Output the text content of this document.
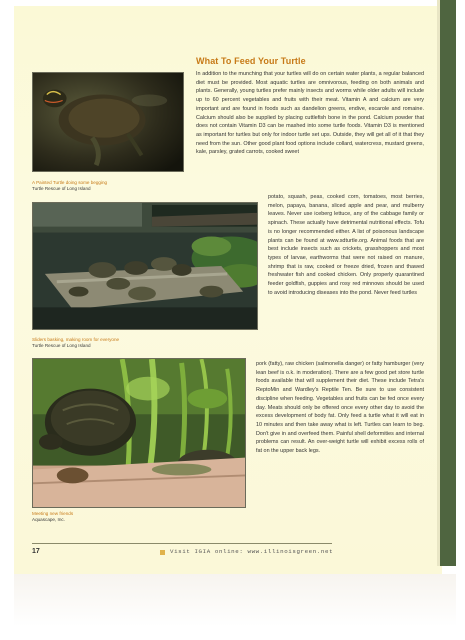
What To Feed Your Turtle

In addition to the munching that your turtles will do on certain water plants, a regular balanced diet must be provided. Most aquatic turtles are omnivorous, feeding on both animals and plants. Generally, young turtles prefer mainly insects and worms while older adults will include up to 60 percent vegetables and fruits with their meat. Vitamin A and calcium are very important and are found in foods such as dandelion greens, endive, escarole and romaine. Calcium should also be supplied by placing cuttlefish bone in the pond. Calcium powder that does not contain Vitamin D3 can be mashed into some turtle foods. Vitamin D3 is mentioned as important for turtles but only for indoor turtle set ups. Outside, they will get all of it that they need from the sun. Other good plant food options include collard, watercress, mustard greens, kale, parsley, grated carrots, cooked sweet

potato, squash, peas, cooked corn, tomatoes, most berries, melon, papaya, banana, sliced apple and pear, and mulberry leaves. Never use iceberg lettuce, any of the cabbage family or spinach. These actually have detrimental nutritional effects. Tofu is no longer recommended either. A list of poisonous landscape plants can be found at www.sdturtle.org. Animal foods that are best include insects such as crickets, grasshoppers and most types of larvae, earthworms that were not raised on manure, shrimp that is raw, cooked or freeze dried, frozen and thawed freshwater fish and cooked chicken. Only properly quarantined feeder goldfish, guppies and rosy red minnows should be used to avoid introducing diseases into the pond. Never feed turtles

pork (fatty), raw chicken (salmonella danger) or fatty hamburger (very lean beef is o.k. in moderation). There are a few good pet store turtle foods available that will supplement their diet. These include Tetra's ReptoMin and Wardley's Reptile Ten. Be sure to use consistent discipline when feeding. Vegetables and fruits can be fed once every day. Meats should only be offered once every other day to avoid the excess development of body fat. Only feed a turtle what it will eat in 10 minutes and then take away what is left. Turtles can learn to beg. Don't give in and overfeed them. Painful shell deformities and internal problems can result. An over-weight turtle will exhibit excess rolls of fat on the upper back legs.

A Painted Turtle doing some begging
Turtle Rescue of Long Island
Sliders basking, making room for everyone
Turtle Rescue of Long Island
Meeting new friends
Aquascape, Inc.
17	Visit IGIA online: www.illinoisgreen.net
